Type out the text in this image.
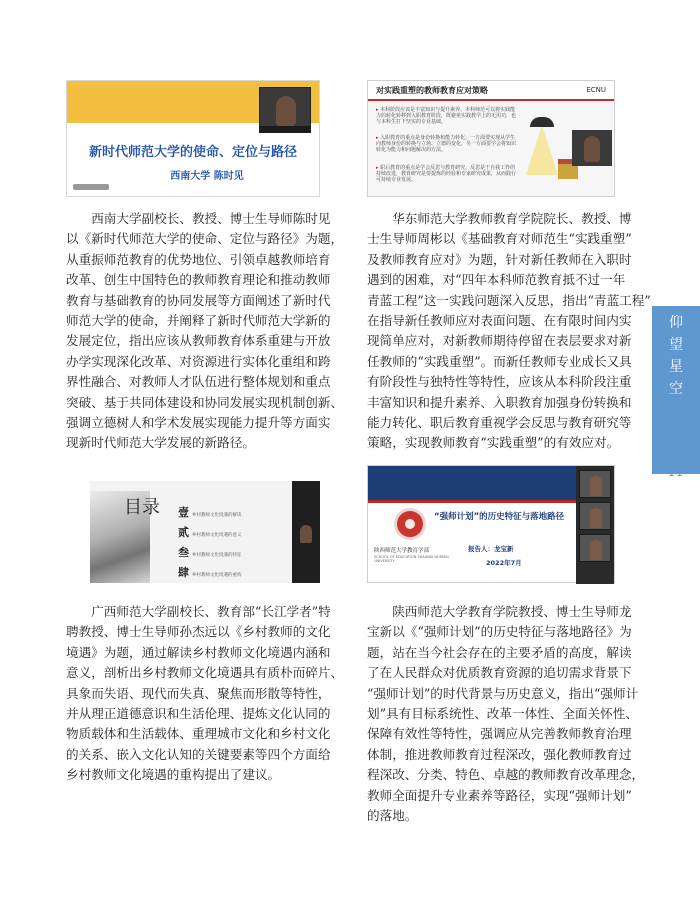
仰
望
星
空
11
新时代师范大学的使命、定位与路径
西南大学 陈时见
对实践重塑的教师教育应对策略	ECNU
▸ 本科阶段应该是丰富知识与提升素养。本科师范可以将实践能力的转化转移到入职教育阶段，既避免实践教学上的无用功，也与本科生打下坚实的专业基础。
▸ 入职教育的重点是身份转换和能力转化。一方面要实现从学生向教师身份的转换与立场、立德的变化，另一方面要学会将知识转化为能力和问题解决的方法。
▸ 职后教育的重点是学会反思与教育研究。反思是干自我工作的持续改进，教育研究是要提炼的经验和专家研究成果，从而践行可持续专业发展。
　　西南大学副校长、教授、博士生导师陈时见
以《新时代师范大学的使命、定位与路径》为题，
从重振师范教育的优势地位、引领卓越教师培育
改革、创生中国特色的教师教育理论和推动教师
教育与基础教育的协同发展等方面阐述了新时代
师范大学的使命，并阐释了新时代师范大学新的
发展定位，指出应该从教师教育体系重建与开放
办学实现深化改革、对资源进行实体化重组和跨
界性融合、对教师人才队伍进行整体规划和重点
突破、基于共同体建设和协同发展实现机制创新、
强调立德树人和学术发展实现能力提升等方面实
现新时代师范大学发展的新路径。
　　华东师范大学教师教育学院院长、教授、博
士生导师周彬以《基础教育对师范生“实践重塑”
及教师教育应对》为题，针对新任教师在入职时
遇到的困难，对“四年本科师范教育抵不过一年
青蓝工程”这一实践问题深入反思，指出“青蓝工程”
在指导新任教师应对表面问题、在有限时间内实
现简单应对，对新教师期待停留在表层要求对新
任教师的“实践重塑”。而新任教师专业成长又具
有阶段性与独特性等特性，应该从本科阶段注重
丰富知识和提升素养、入职教育加强身份转换和
能力转化、职后教育重视学会反思与教育研究等
策略，实现教师教育“实践重塑”的有效应对。
目录 壹乡村教师文化境遇的解读
贰乡村教师文化境遇的意义
叁乡村教师文化境遇的特征
肆乡村教师文化境遇的重构
“强师计划”的历史特征与落地路径
陕西师范大学教育学部
SCHOOL OF EDUCATION SHAANXI NORMAL UNIVERSITY
报告人：龙宝新
2022年7月
　　广西师范大学副校长、教育部“长江学者”特
聘教授、博士生导师孙杰远以《乡村教师的文化
境遇》为题，通过解读乡村教师文化境遇内涵和
意义，剖析出乡村教师文化境遇具有质朴而碎片、
具象而失语、现代而失真、聚焦而形散等特性，
并从理正道德意识和生活伦理、提炼文化认同的
物质载体和生活载体、重理城市文化和乡村文化
的关系、嵌入文化认知的关键要素等四个方面给
乡村教师文化境遇的重构提出了建议。
　　陕西师范大学教育学院教授、博士生导师龙
宝新以《“强师计划”的历史特征与落地路径》为
题，站在当今社会存在的主要矛盾的高度，解读
了在人民群众对优质教育资源的追切需求背景下
“强师计划”的时代背景与历史意义，指出“强师计
划”具有目标系统性、改革一体性、全面关怀性、
保障有效性等特性，强调应从完善教师教育治理
体制，推进教师教育过程深改，强化教师教育过
程深改、分类、特色、卓越的教师教育改革理念，
教师全面提升专业素养等路径，实现“强师计划”
的落地。
